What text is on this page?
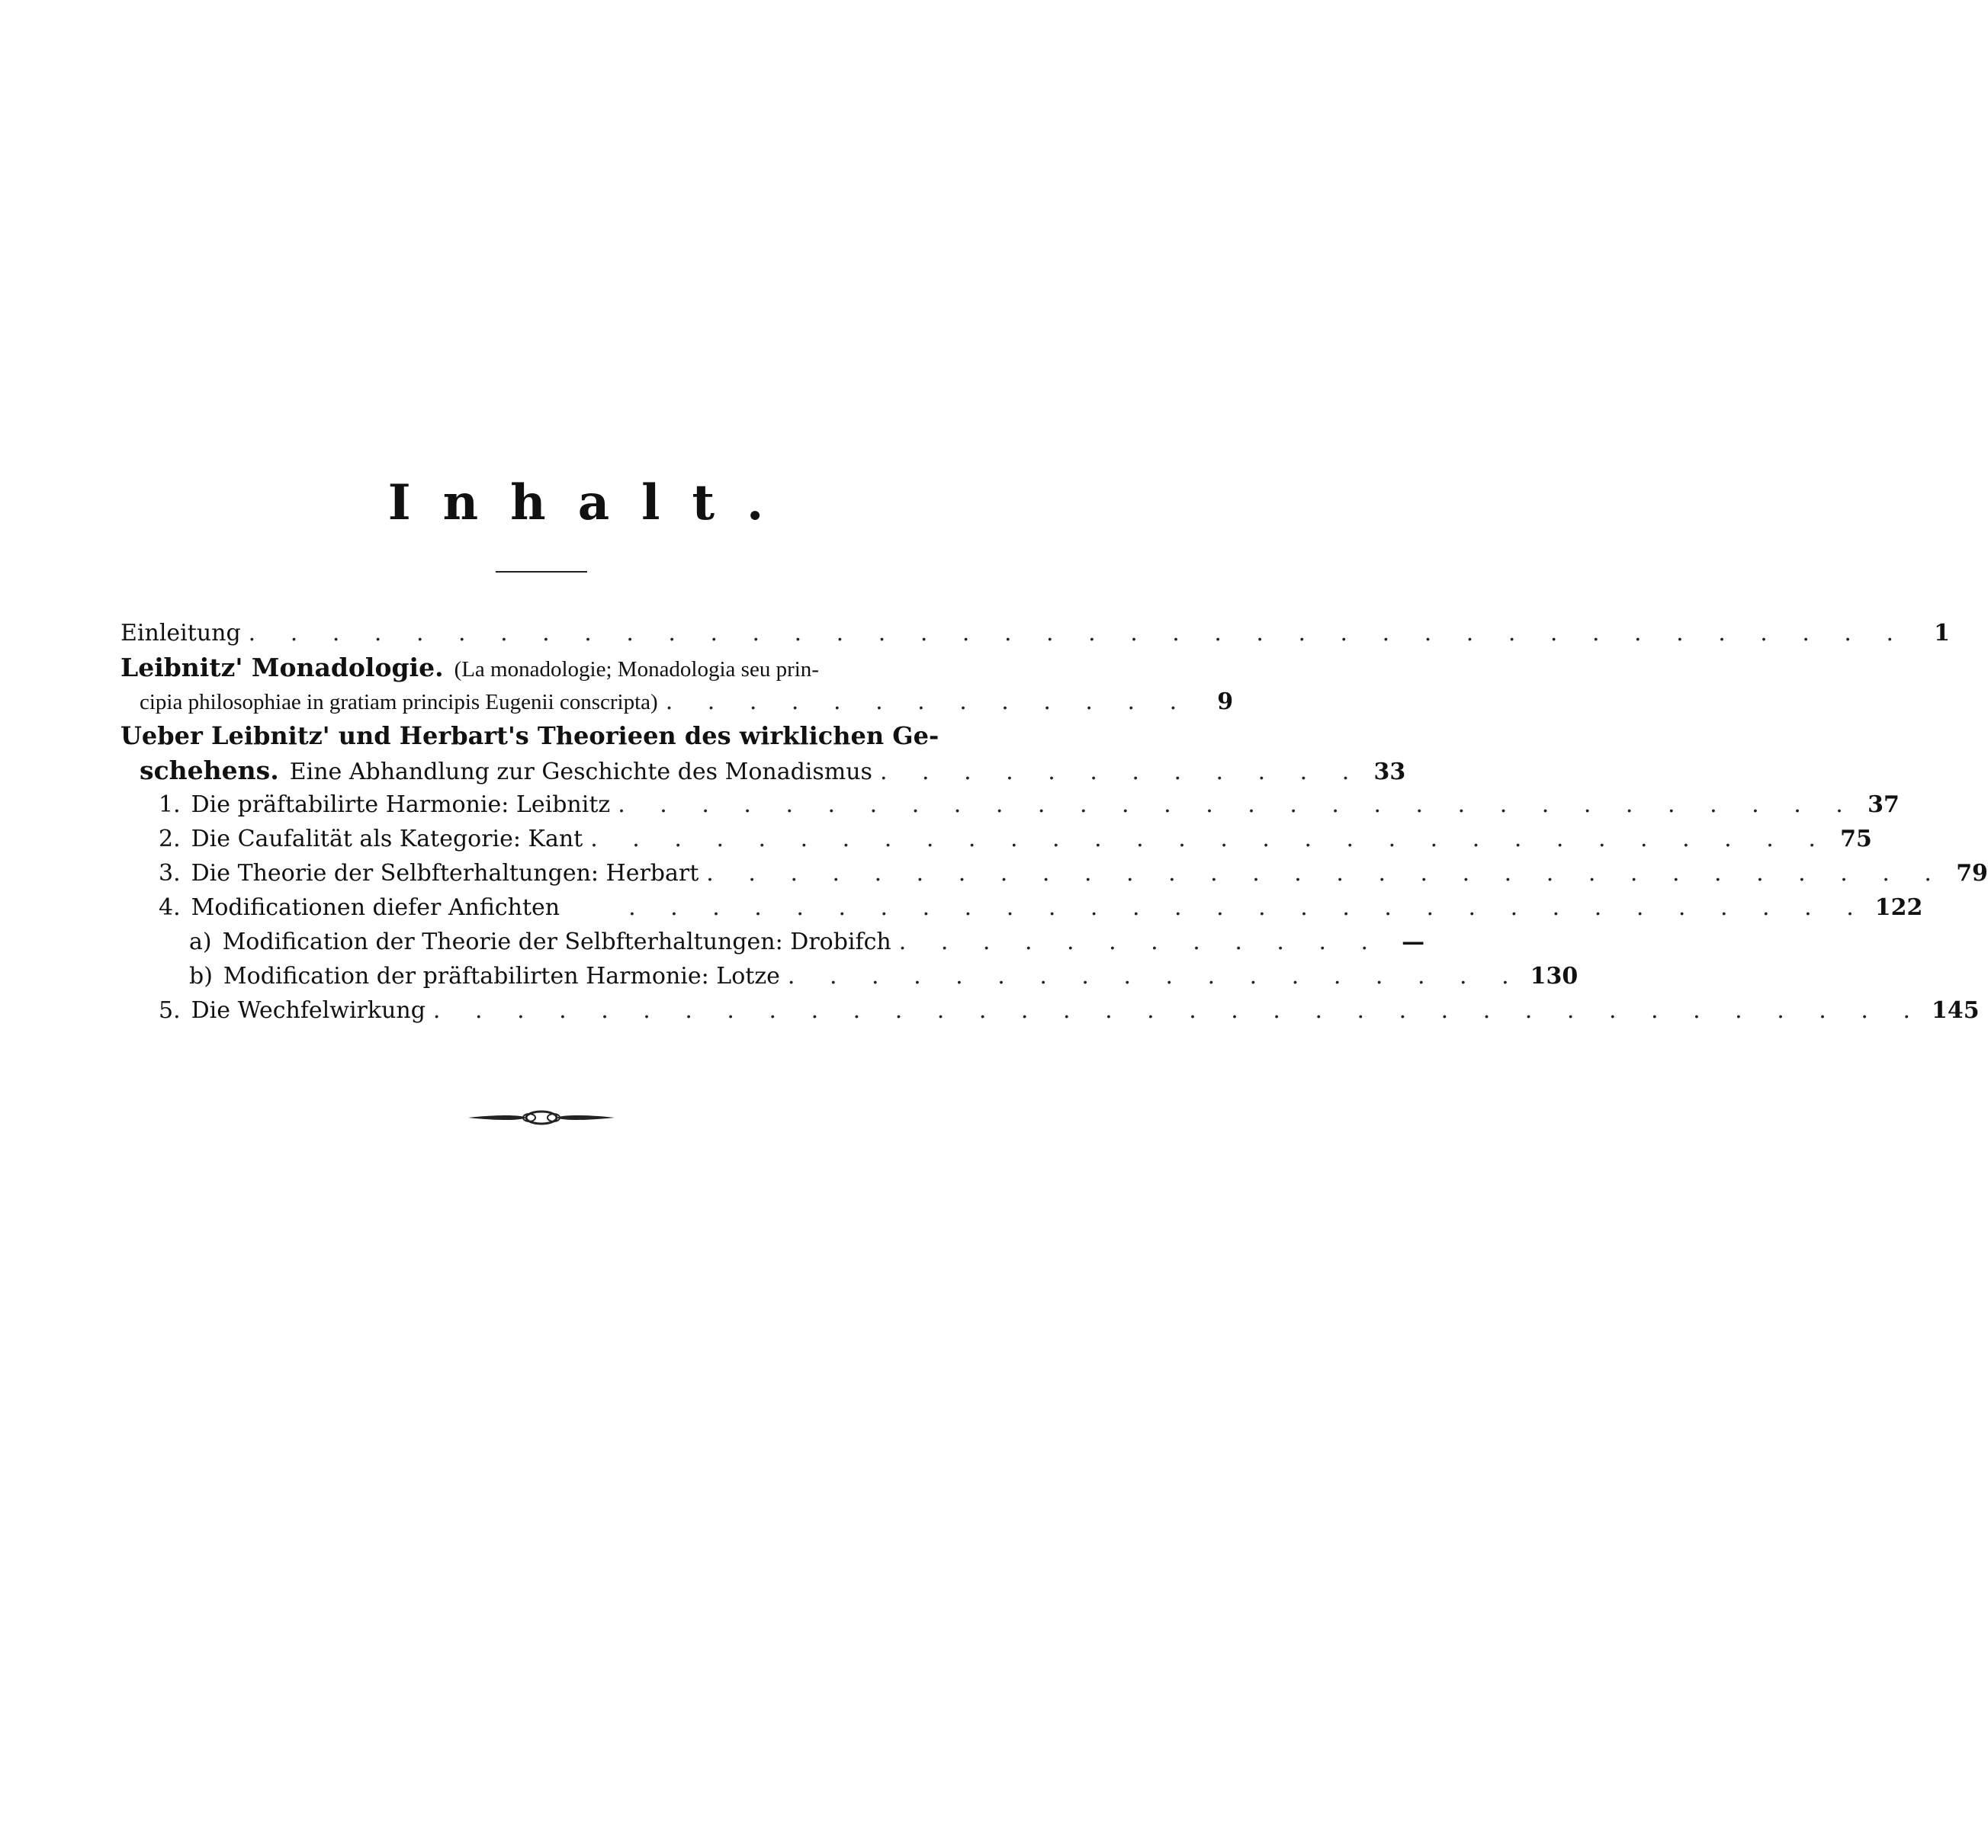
Inhalt.
Einleitung . . . . . . . . . . . . . . . . . . . . . . . . . . . . . . . . . . . . . . . .	1
Leibnitz' Monadologie. (La monadologie; Monadologia seu prin-
cipia philosophiae in gratiam principis Eugenii conscripta) . . . . . . . . . . . . .	9
Ueber Leibnitz' und Herbart's Theorieen des wirklichen Ge-
schehens. Eine Abhandlung zur Geschichte des Monadismus . . . . . . . . . . . . 33
1. Die präftabilirte Harmonie: Leibnitz . . . . . . . . . . . . . . . . . . . . . . . . . . . . . . 37
2. Die Caufalität als Kategorie: Kant . . . . . . . . . . . . . . . . . . . . . . . . . . . . . . 75
3. Die Theorie der Selbfterhaltungen: Herbart . . . . . . . . . . . . . . . . . . . . . . . . . . . . . . 79
4. Modificationen diefer Anfichten	. . . . . . . . . . . . . . . . . . . . . . . . . . . . . . 122
a) Modification der Theorie der Selbfterhaltungen: Drobifch . . . . . . . . . . . . —
b) Modification der präftabilirten Harmonie: Lotze . . . . . . . . . . . . . . . . . . 130
5. Die Wechfelwirkung . . . . . . . . . . . . . . . . . . . . . . . . . . . . . . . . . . . . 145
